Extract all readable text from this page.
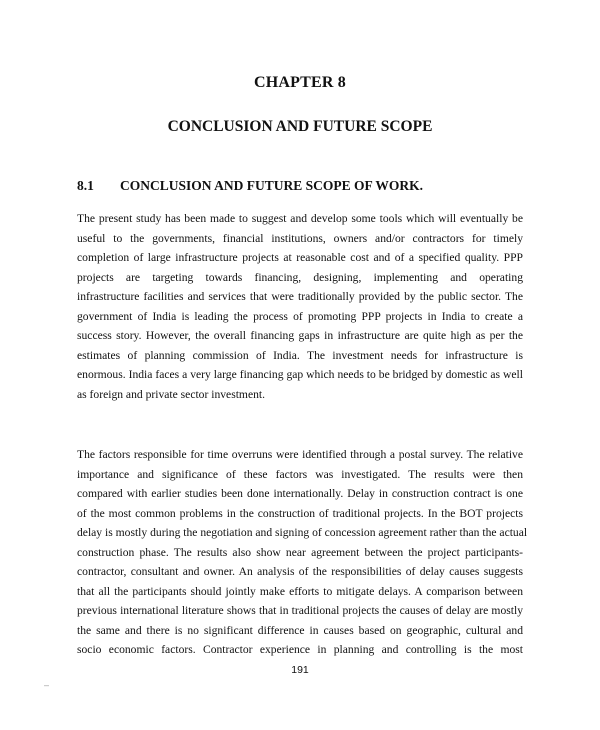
CHAPTER 8
CONCLUSION AND FUTURE SCOPE
8.1 CONCLUSION AND FUTURE SCOPE OF WORK.
The present study has been made to suggest and develop some tools which will eventually be
useful to the governments, financial institutions, owners and/or contractors for timely
completion of large infrastructure projects at reasonable cost and of a specified quality. PPP
projects are targeting towards financing, designing, implementing and operating
infrastructure facilities and services that were traditionally provided by the public sector. The
government of India is leading the process of promoting PPP projects in India to create a
success story. However, the overall financing gaps in infrastructure are quite high as per the
estimates of planning commission of India. The investment needs for infrastructure is
enormous. India faces a very large financing gap which needs to be bridged by domestic as well
as foreign and private sector investment.
The factors responsible for time overruns were identified through a postal survey. The relative
importance and significance of these factors was investigated. The results were then
compared with earlier studies been done internationally. Delay in construction contract is one
of the most common problems in the construction of traditional projects. In the BOT projects
delay is mostly during the negotiation and signing of concession agreement rather than the actual
construction phase. The results also show near agreement between the project participants-
contractor, consultant and owner. An analysis of the responsibilities of delay causes suggests
that all the participants should jointly make efforts to mitigate delays. A comparison between
previous international literature shows that in traditional projects the causes of delay are mostly
the same and there is no significant difference in causes based on geographic, cultural and
socio economic factors. Contractor experience in planning and controlling is the most
191
–
